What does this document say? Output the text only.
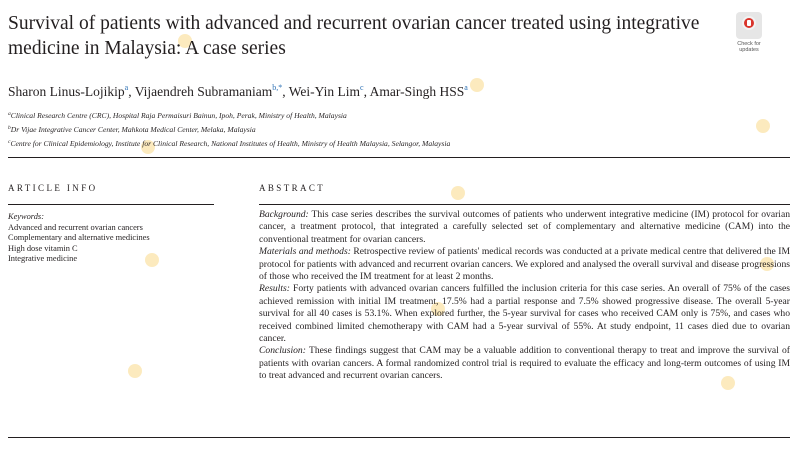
Survival of patients with advanced and recurrent ovarian cancer treated using integrative medicine in Malaysia: A case series	Check for updates
Sharon Linus-Lojikip$^a$, Vijaendreh Subramaniam$^{b,*}$, Wei-Yin Lim$^c$, Amar-Singh HSS$^a$
$^a$Clinical Research Centre (CRC), Hospital Raja Permaisuri Bainun, Ipoh, Perak, Ministry of Health, Malaysia
$^b$Dr Vijae Integrative Cancer Center, Mahkota Medical Center, Melaka, Malaysia
$^c$Centre for Clinical Epidemiology, Institute for Clinical Research, National Institutes of Health, Ministry of Health Malaysia, Selangor, Malaysia
ARTICLE INFO	ABSTRACT
Keywords:
Advanced and recurrent ovarian cancers
Complementary and alternative medicines
High dose vitamin C
Integrative medicine

Background: This case series describes the survival outcomes of patients who underwent integrative medicine (IM) protocol for ovarian cancer, a treatment protocol, that integrated a carefully selected set of complementary and alternative medicine (CAM) into the conventional treatment for ovarian cancers.

Materials and methods: Retrospective review of patients' medical records was conducted at a private medical centre that delivered the IM protocol for patients with advanced and recurrent ovarian cancers. We explored and analysed the overall survival and disease progressions of those who received the IM treatment for at least 2 months.

Results: Forty patients with advanced ovarian cancers fulfilled the inclusion criteria for this case series. An overall of 75% of the cases achieved remission with initial IM treatment, 17.5% had a partial response and 7.5% showed progressive disease. The overall 5-year survival for all 40 cases is 53.1%. When explored further, the 5-year survival for cases who received CAM only is 75%, and cases who received combined limited chemotherapy with CAM had a 5-year survival of 55%. At study endpoint, 11 cases died due to ovarian cancer.

Conclusion: These findings suggest that CAM may be a valuable addition to conventional therapy to treat and improve the survival of patients with ovarian cancers. A formal randomized control trial is required to evaluate the efficacy and long-term outcomes of using IM to treat advanced and recurrent ovarian cancers.
